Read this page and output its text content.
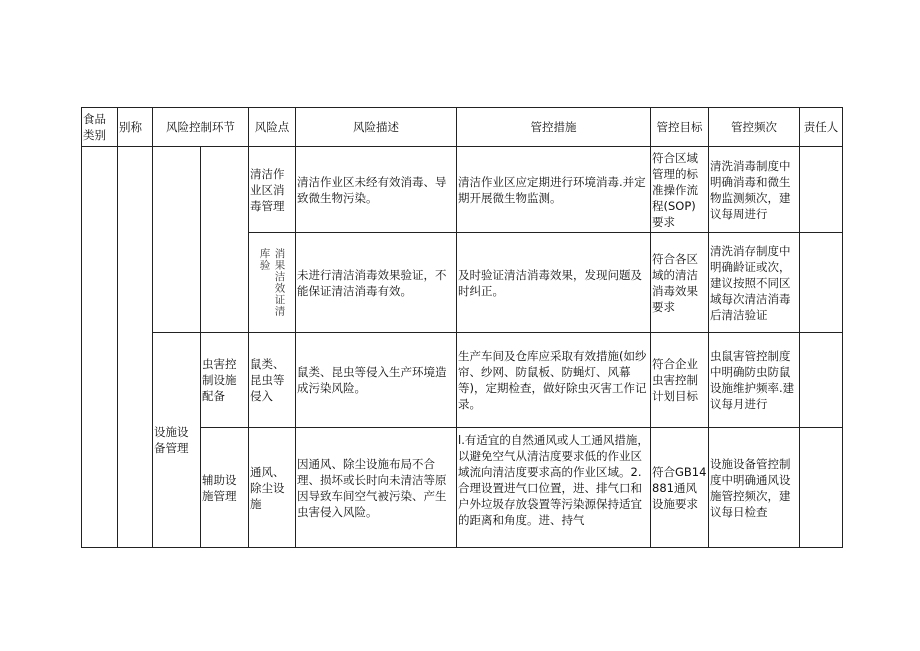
食品类别	别称	风险控制环节		风险点	风险描述	管控措施	管控目标	管控频次	责任人
				清洁作业区消毒管理	清洁作业区未经有效消毒、导致微生物污染。	清洁作业区应定期进行环境消毒.并定期开展微生物监测。	符合区域管理的标准操作流程(SOP)要求	清洗消毒制度中明确消毒和微生物监测频次，建议每周进行	

				库验 消果洁效证清	未进行清洁消毒效果验证，不能保证清洁消毒有效。	及时验证清洁消毒效果，发现问题及时纠正。	符合各区域的清洁消毒效果要求	清洗消存制度中明确龄证或次，建议按照不同区域每次清洁消毒后清洁验证	
		设施设备管理	虫害控制设施配备	鼠类、昆虫等侵入	鼠类、昆虫等侵入生产环境造成污染风险。	生产车间及仓库应采取有效措施(如纱帘、纱网、防鼠板、防蝇灯、风幕等)，定期检查，做好除虫灭害工作记录。	符合企业虫害控制计划目标	虫鼠害管控制度中明确防虫防鼠设施维护频率.建议每月进行	
			辅助设施管理	通风、除尘设施	因通风、除尘设施布局不合理、损坏或长时向未清洁等原因导致车间空气被污染、产生虫害侵入风险。	l.有适宜的自然通风或人工通风措施，以避免空气从清洁度要求低的作业区域流向清洁度要求高的作业区域。2.合理设置进气口位置，进、排气口和户外垃圾存放袋置等污染源保持适宜的距离和角度。进、持气	符合GB14881通风设施要求	设施设备管控制度中明确通风设施管控频次，建议每日检查	
